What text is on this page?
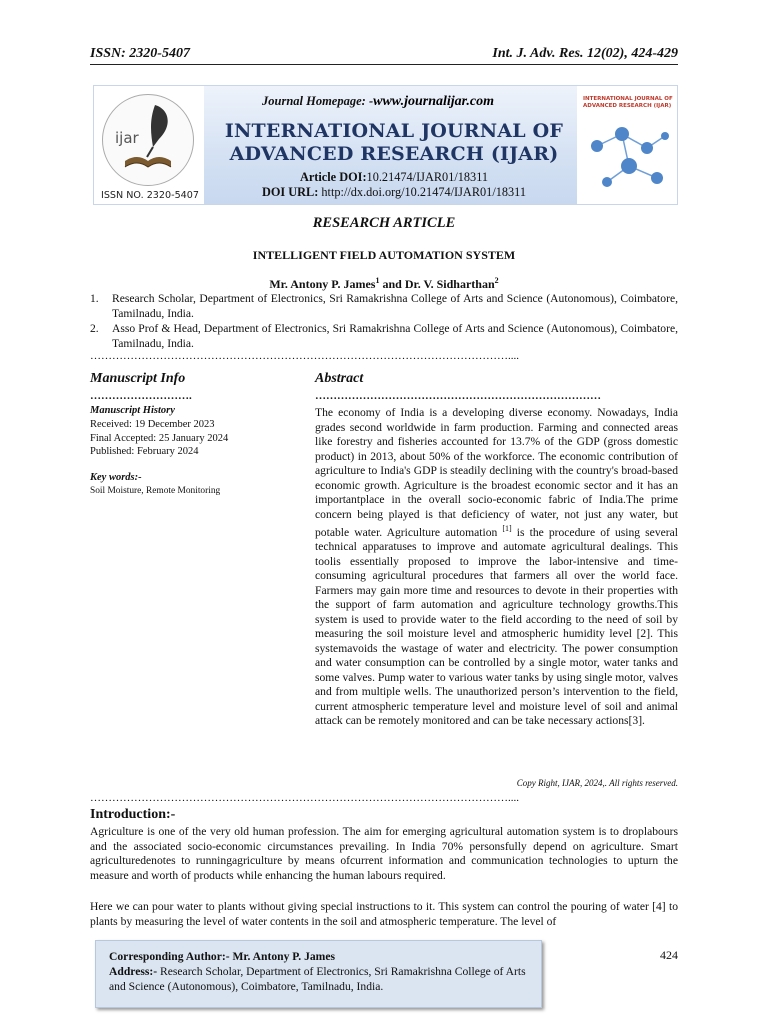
ISSN: 2320-5407	Int. J. Adv. Res. 12(02), 424-429
ijar
ISSN NO. 2320-5407
Journal Homepage: -www.journalijar.com
INTERNATIONAL JOURNAL OF
ADVANCED RESEARCH (IJAR)
Article DOI:10.21474/IJAR01/18311
DOI URL: http://dx.doi.org/10.21474/IJAR01/18311
INTERNATIONAL JOURNAL OF ADVANCED RESEARCH (IJAR)
RESEARCH ARTICLE
INTELLIGENT FIELD AUTOMATION SYSTEM
Mr. Antony P. James$^1$ and Dr. V. Sidharthan$^2$
1. Research Scholar, Department of Electronics, Sri Ramakrishna College of Arts and Science (Autonomous), Coimbatore, Tamilnadu, India.
2. Asso Prof & Head, Department of Electronics, Sri Ramakrishna College of Arts and Science (Autonomous), Coimbatore, Tamilnadu, India.
……………………………………………………………………………………………………....
Manuscript Info
……………………….
Manuscript History
Received: 19 December 2023
Final Accepted: 25 January 2024
Published: February 2024
Key words:-
Soil Moisture, Remote Monitoring
Abstract
……………………………………………………………………
The economy of India is a developing diverse economy. Nowadays, India grades second worldwide in farm production. Farming and connected areas like forestry and fisheries accounted for 13.7% of the GDP (gross domestic product) in 2013, about 50% of the workforce. The economic contribution of agriculture to India's GDP is steadily declining with the country's broad-based economic growth. Agriculture is the broadest economic sector and it has an importantplace in the overall socio-economic fabric of India.The prime concern being played is that deficiency of water, not just any water, but potable water. Agriculture automation [1] is the procedure of using several technical apparatuses to improve and automate agricultural dealings. This toolis essentially proposed to improve the labor-intensive and time-consuming agricultural procedures that farmers all over the world face. Farmers may gain more time and resources to devote in their properties with the support of farm automation and agriculture technology growths.This system is used to provide water to the field according to the need of soil by measuring the soil moisture level and atmospheric humidity level [2]. This systemavoids the wastage of water and electricity. The power consumption and water consumption can be controlled by a single motor, water tanks and some valves. Pump water to various water tanks by using single motor, valves and from multiple wells. The unauthorized person’s intervention to the field, current atmospheric temperature level and moisture level of soil and animal attack can be remotely monitored and can be take necessary actions[3].
Copy Right, IJAR, 2024,. All rights reserved.
……………………………………………………………………………………………………....
Introduction:-
Agriculture is one of the very old human profession. The aim for emerging agricultural automation system is to droplabours and the associated socio-economic circumstances prevailing. In India 70% personsfully depend on agriculture. Smart agriculturedenotes to runningagriculture by means ofcurrent information and communication technologies to upturn the measure and worth of products while enhancing the human labours required.
Here we can pour water to plants without giving special instructions to it. This system can control the pouring of water [4] to plants by measuring the level of water contents in the soil and atmospheric temperature. The level of
Corresponding Author:- Mr. Antony P. James
Address:- Research Scholar, Department of Electronics, Sri Ramakrishna College of Arts and Science (Autonomous), Coimbatore, Tamilnadu, India.
424
